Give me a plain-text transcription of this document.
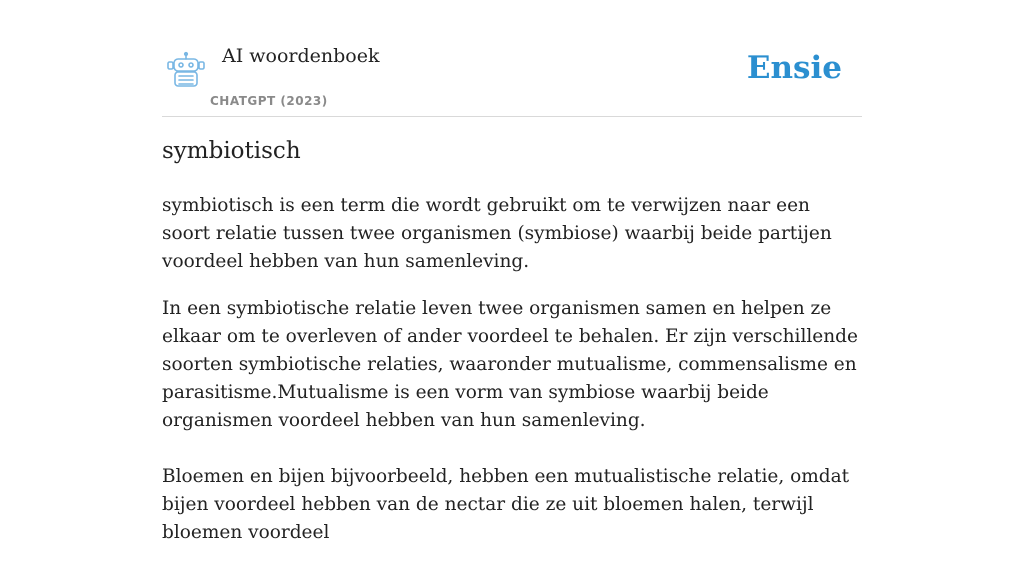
AI woordenboek
CHATGPT (2023)
Ensie
symbiotisch

symbiotisch is een term die wordt gebruikt om te verwijzen naar een soort relatie tussen twee organismen (symbiose) waarbij beide partijen voordeel hebben van hun samenleving.

In een symbiotische relatie leven twee organismen samen en helpen ze elkaar om te overleven of ander voordeel te behalen. Er zijn verschillende soorten symbiotische relaties, waaronder mutualisme, commensalisme en parasitisme.Mutualisme is een vorm van symbiose waarbij beide organismen voordeel hebben van hun samenleving.

Bloemen en bijen bijvoorbeeld, hebben een mutualistische relatie, omdat bijen voordeel hebben van de nectar die ze uit bloemen halen, terwijl bloemen voordeel
